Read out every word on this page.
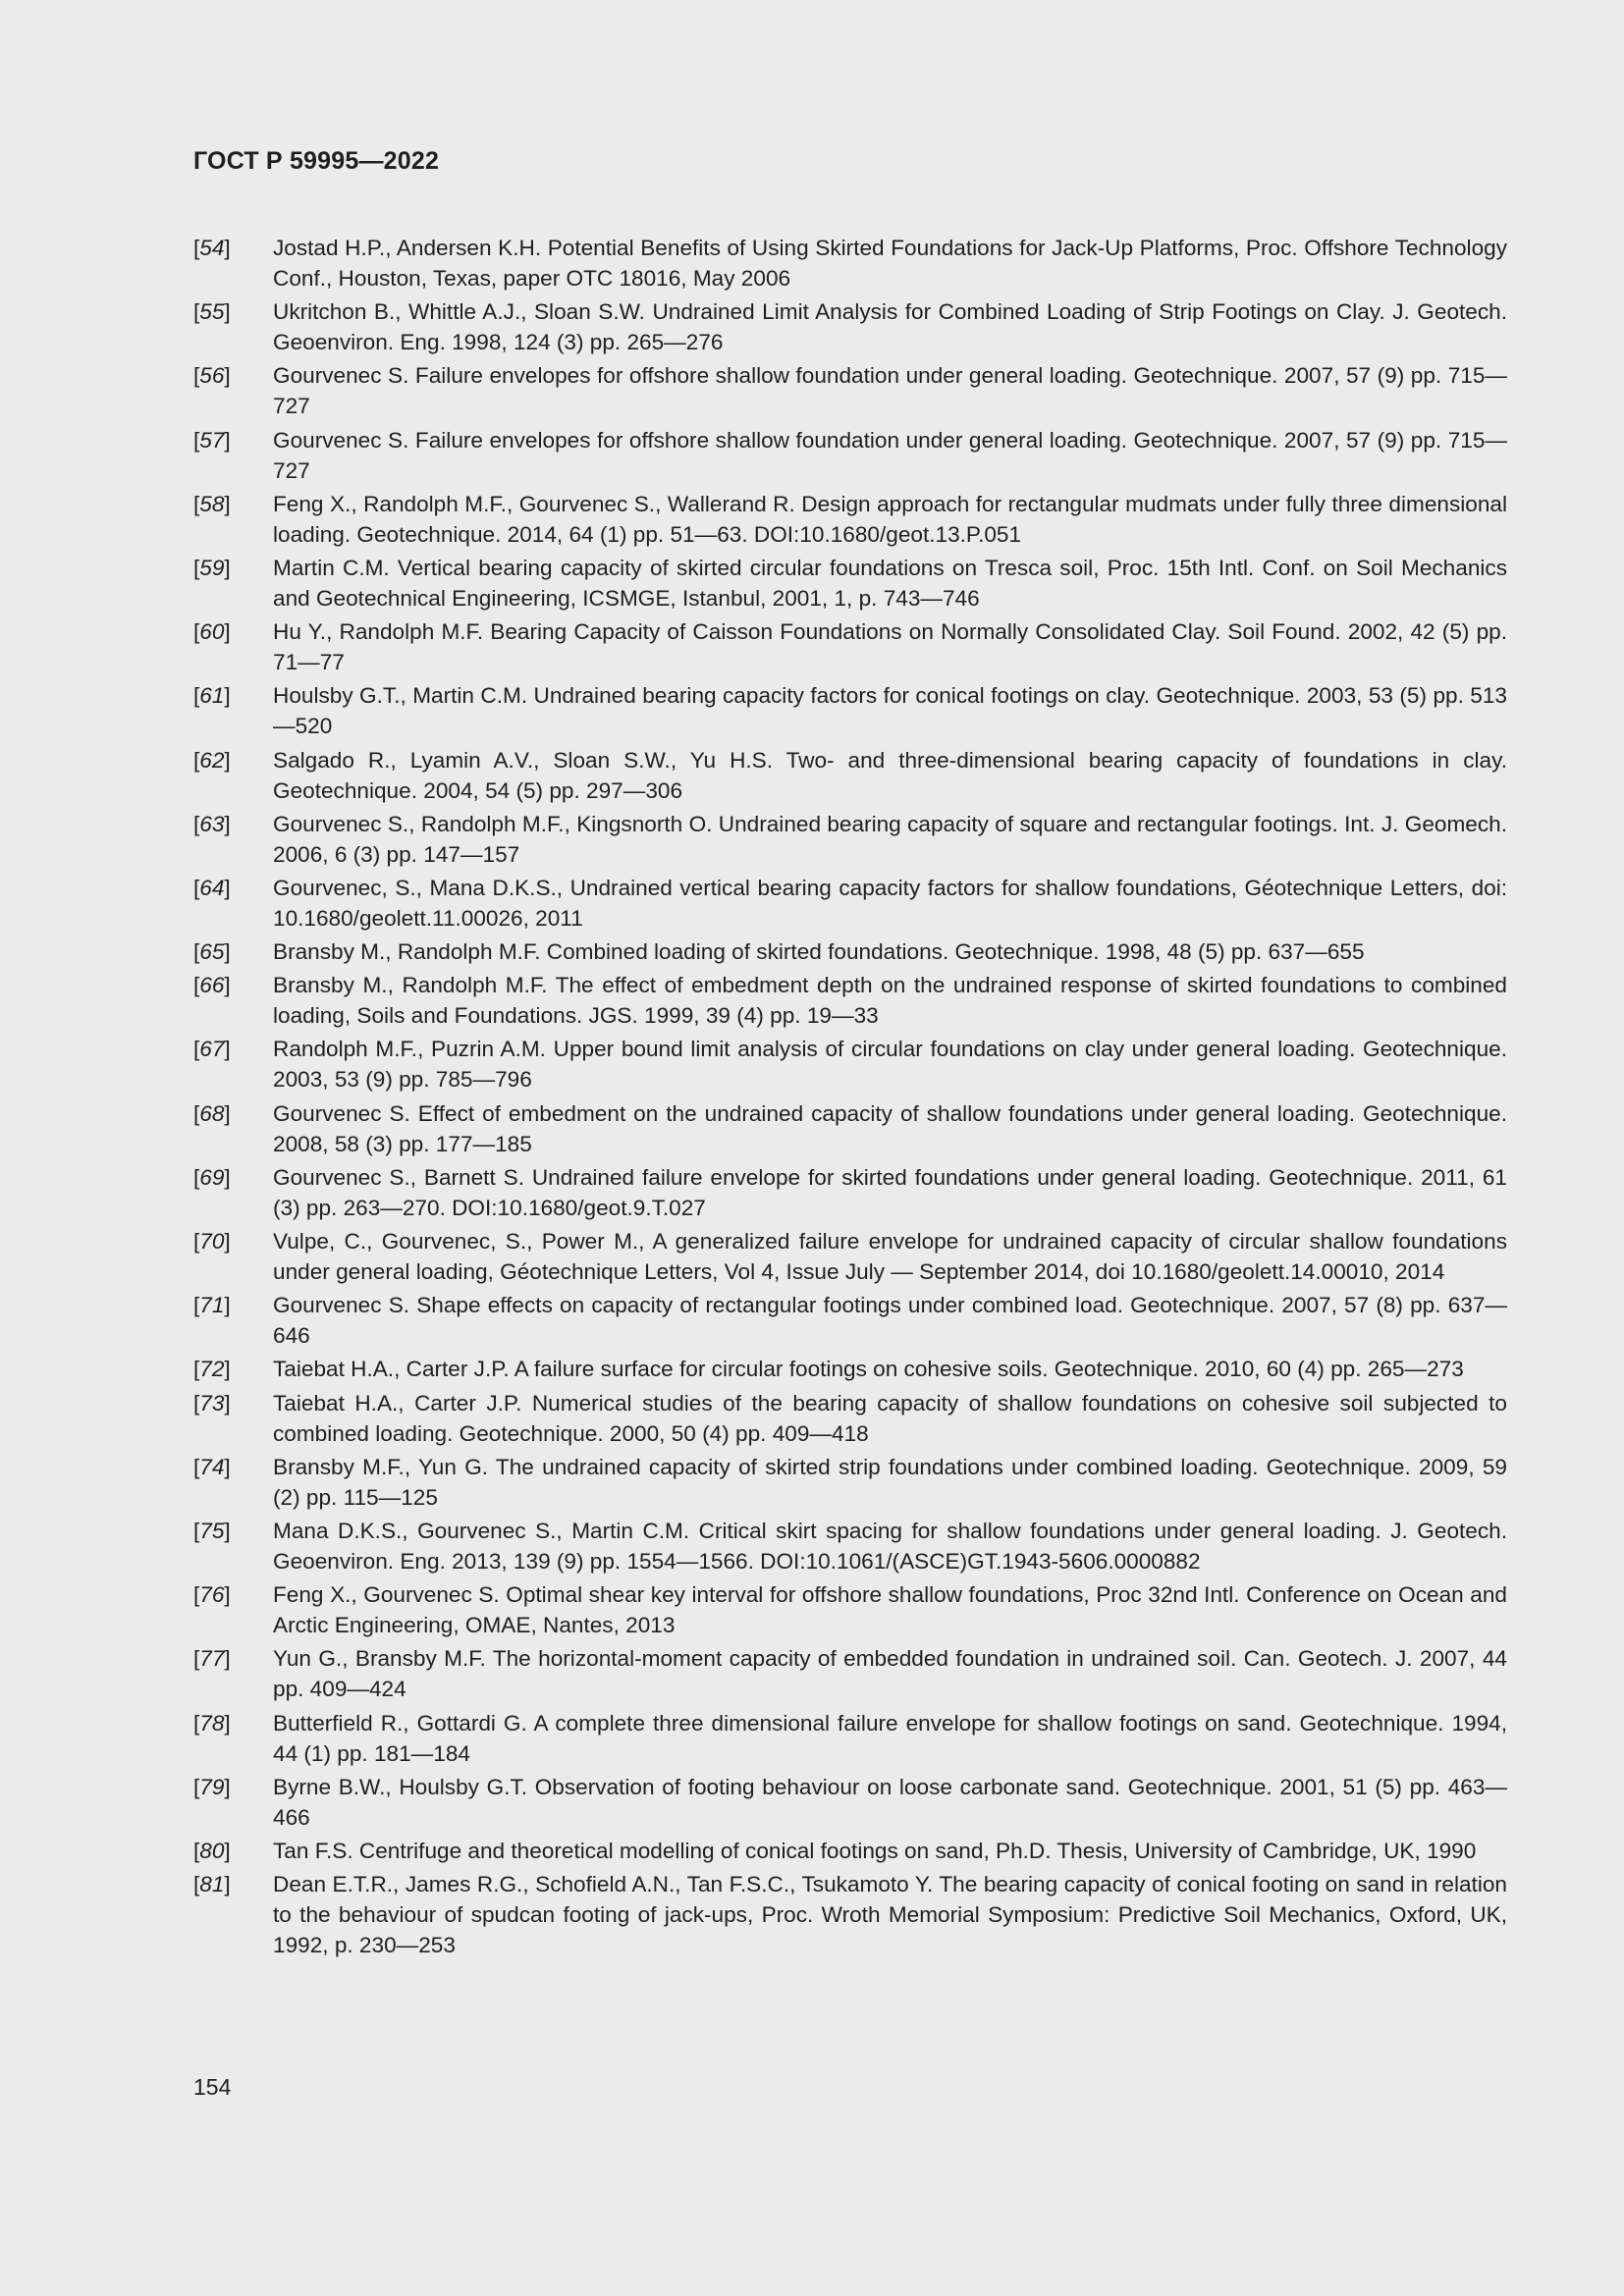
ГОСТ Р 59995—2022
[54]	Jostad H.P., Andersen K.H. Potential Benefits of Using Skirted Foundations for Jack-Up Platforms, Proc. Offshore Technology Conf., Houston, Texas, paper OTC 18016, May 2006
[55]	Ukritchon B., Whittle A.J., Sloan S.W. Undrained Limit Analysis for Combined Loading of Strip Footings on Clay. J. Geotech. Geoenviron. Eng. 1998, 124 (3) pp. 265—276
[56]	Gourvenec S. Failure envelopes for offshore shallow foundation under general loading. Geotechnique. 2007, 57 (9) pp. 715—727
[57]	Gourvenec S. Failure envelopes for offshore shallow foundation under general loading. Geotechnique. 2007, 57 (9) pp. 715—727
[58]	Feng X., Randolph M.F., Gourvenec S., Wallerand R. Design approach for rectangular mudmats under fully three dimensional loading. Geotechnique. 2014, 64 (1) pp. 51—63. DOI:10.1680/geot.13.P.051
[59]	Martin C.M. Vertical bearing capacity of skirted circular foundations on Tresca soil, Proc. 15th Intl. Conf. on Soil Mechanics and Geotechnical Engineering, ICSMGE, Istanbul, 2001, 1, p. 743—746
[60]	Hu Y., Randolph M.F. Bearing Capacity of Caisson Foundations on Normally Consolidated Clay. Soil Found. 2002, 42 (5) pp. 71—77
[61]	Houlsby G.T., Martin C.M. Undrained bearing capacity factors for conical footings on clay. Geotechnique. 2003, 53 (5) pp. 513—520
[62]	Salgado R., Lyamin A.V., Sloan S.W., Yu H.S. Two- and three-dimensional bearing capacity of foundations in clay. Geotechnique. 2004, 54 (5) pp. 297—306
[63]	Gourvenec S., Randolph M.F., Kingsnorth O. Undrained bearing capacity of square and rectangular footings. Int. J. Geomech. 2006, 6 (3) pp. 147—157
[64]	Gourvenec, S., Mana D.K.S., Undrained vertical bearing capacity factors for shallow foundations, Géotechnique Letters, doi: 10.1680/geolett.11.00026, 2011
[65]	Bransby M., Randolph M.F. Combined loading of skirted foundations. Geotechnique. 1998, 48 (5) pp. 637—655
[66]	Bransby M., Randolph M.F. The effect of embedment depth on the undrained response of skirted foundations to combined loading, Soils and Foundations. JGS. 1999, 39 (4) pp. 19—33
[67]	Randolph M.F., Puzrin A.M. Upper bound limit analysis of circular foundations on clay under general loading. Geotechnique. 2003, 53 (9) pp. 785—796
[68]	Gourvenec S. Effect of embedment on the undrained capacity of shallow foundations under general loading. Geotechnique. 2008, 58 (3) pp. 177—185
[69]	Gourvenec S., Barnett S. Undrained failure envelope for skirted foundations under general loading. Geotechnique. 2011, 61 (3) pp. 263—270. DOI:10.1680/geot.9.T.027
[70]	Vulpe, C., Gourvenec, S., Power M., A generalized failure envelope for undrained capacity of circular shallow foundations under general loading, Géotechnique Letters, Vol 4, Issue July — September 2014, doi 10.1680/geolett.14.00010, 2014
[71]	Gourvenec S. Shape effects on capacity of rectangular footings under combined load. Geotechnique. 2007, 57 (8) pp. 637—646
[72]	Taiebat H.A., Carter J.P. A failure surface for circular footings on cohesive soils. Geotechnique. 2010, 60 (4) pp. 265—273
[73]	Taiebat H.A., Carter J.P. Numerical studies of the bearing capacity of shallow foundations on cohesive soil subjected to combined loading. Geotechnique. 2000, 50 (4) pp. 409—418
[74]	Bransby M.F., Yun G. The undrained capacity of skirted strip foundations under combined loading. Geotechnique. 2009, 59 (2) pp. 115—125
[75]	Mana D.K.S., Gourvenec S., Martin C.M. Critical skirt spacing for shallow foundations under general loading. J. Geotech. Geoenviron. Eng. 2013, 139 (9) pp. 1554—1566. DOI:10.1061/(ASCE)GT.1943-5606.0000882
[76]	Feng X., Gourvenec S. Optimal shear key interval for offshore shallow foundations, Proc 32nd Intl. Conference on Ocean and Arctic Engineering, OMAE, Nantes, 2013
[77]	Yun G., Bransby M.F. The horizontal-moment capacity of embedded foundation in undrained soil. Can. Geotech. J. 2007, 44 pp. 409—424
[78]	Butterfield R., Gottardi G. A complete three dimensional failure envelope for shallow footings on sand. Geotechnique. 1994, 44 (1) pp. 181—184
[79]	Byrne B.W., Houlsby G.T. Observation of footing behaviour on loose carbonate sand. Geotechnique. 2001, 51 (5) pp. 463—466
[80]	Tan F.S. Centrifuge and theoretical modelling of conical footings on sand, Ph.D. Thesis, University of Cambridge, UK, 1990
[81]	Dean E.T.R., James R.G., Schofield A.N., Tan F.S.C., Tsukamoto Y. The bearing capacity of conical footing on sand in relation to the behaviour of spudcan footing of jack-ups, Proc. Wroth Memorial Symposium: Predictive Soil Mechanics, Oxford, UK, 1992, p. 230—253
154
